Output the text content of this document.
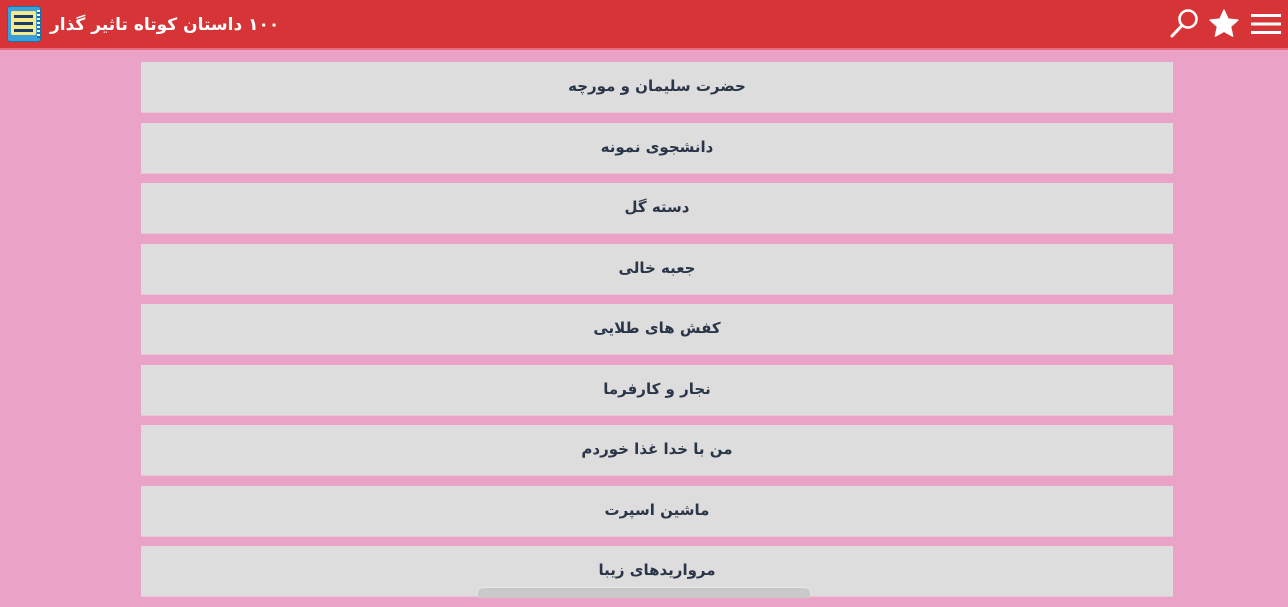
۱۰۰ داستان کوتاه تاثیر گذار
حضرت سلیمان و مورچه
دانشجوی نمونه
دسته گل
جعبه خالی
کفش های طلایی
نجار و کارفرما
من با خدا غذا خوردم
ماشین اسپرت
مرواریدهای زیبا
